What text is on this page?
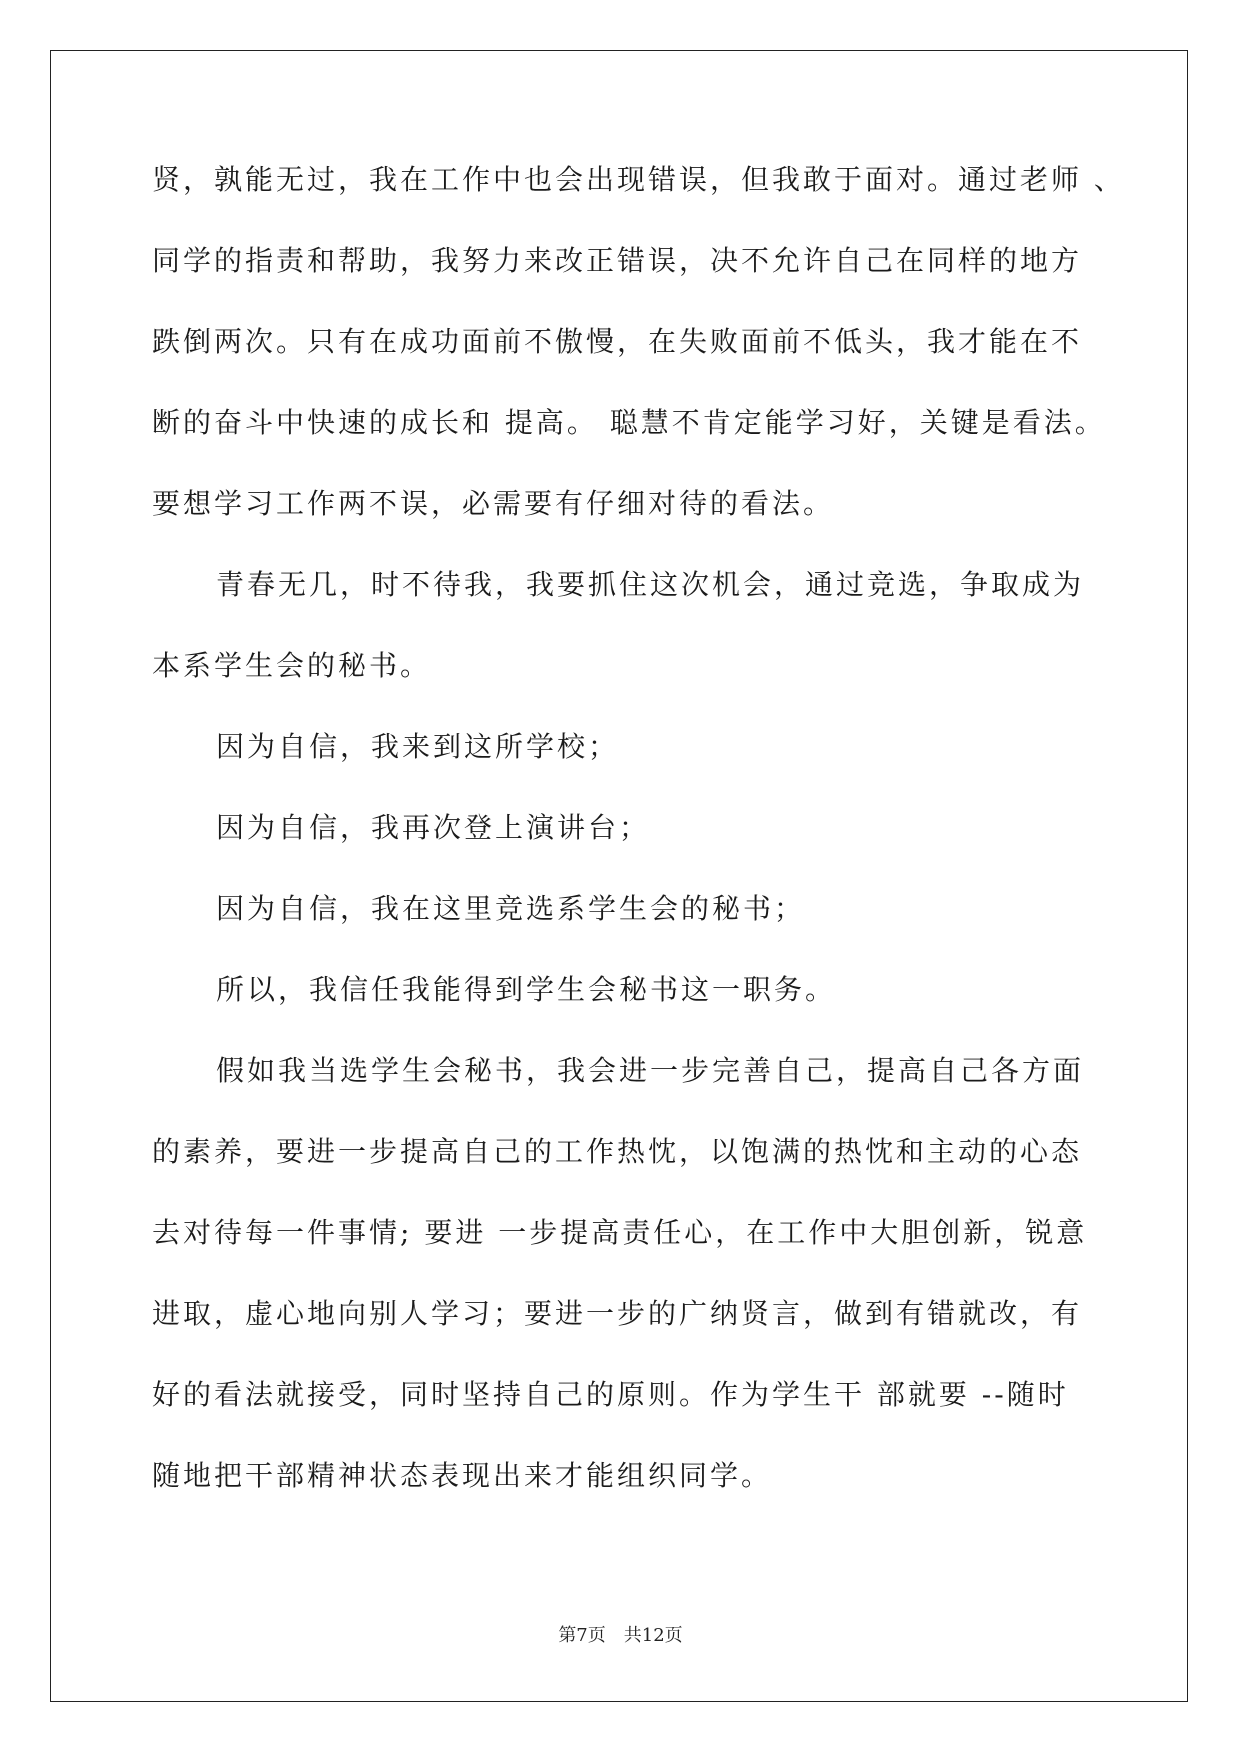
贤，孰能无过，我在工作中也会出现错误，但我敢于面对。通过老师 、
同学的指责和帮助，我努力来改正错误，决不允许自己在同样的地方
跌倒两次。只有在成功面前不傲慢，在失败面前不低头，我才能在不
断的奋斗中快速的成长和 提高。 聪慧不肯定能学习好，关键是看法。
要想学习工作两不误，必需要有仔细对待的看法。
青春无几，时不待我，我要抓住这次机会，通过竞选，争取成为
本系学生会的秘书。
因为自信，我来到这所学校；
因为自信，我再次登上演讲台；
因为自信，我在这里竞选系学生会的秘书；
所以，我信任我能得到学生会秘书这一职务。
假如我当选学生会秘书，我会进一步完善自己，提高自己各方面
的素养，要进一步提高自己的工作热忱，以饱满的热忱和主动的心态
去对待每一件事情; 要进 一步提高责任心，在工作中大胆创新，锐意
进取，虚心地向别人学习；要进一步的广纳贤言，做到有错就改，有
好的看法就接受，同时坚持自己的原则。作为学生干 部就要 --随时
随地把干部精神状态表现出来才能组织同学。
第7页　共12页
